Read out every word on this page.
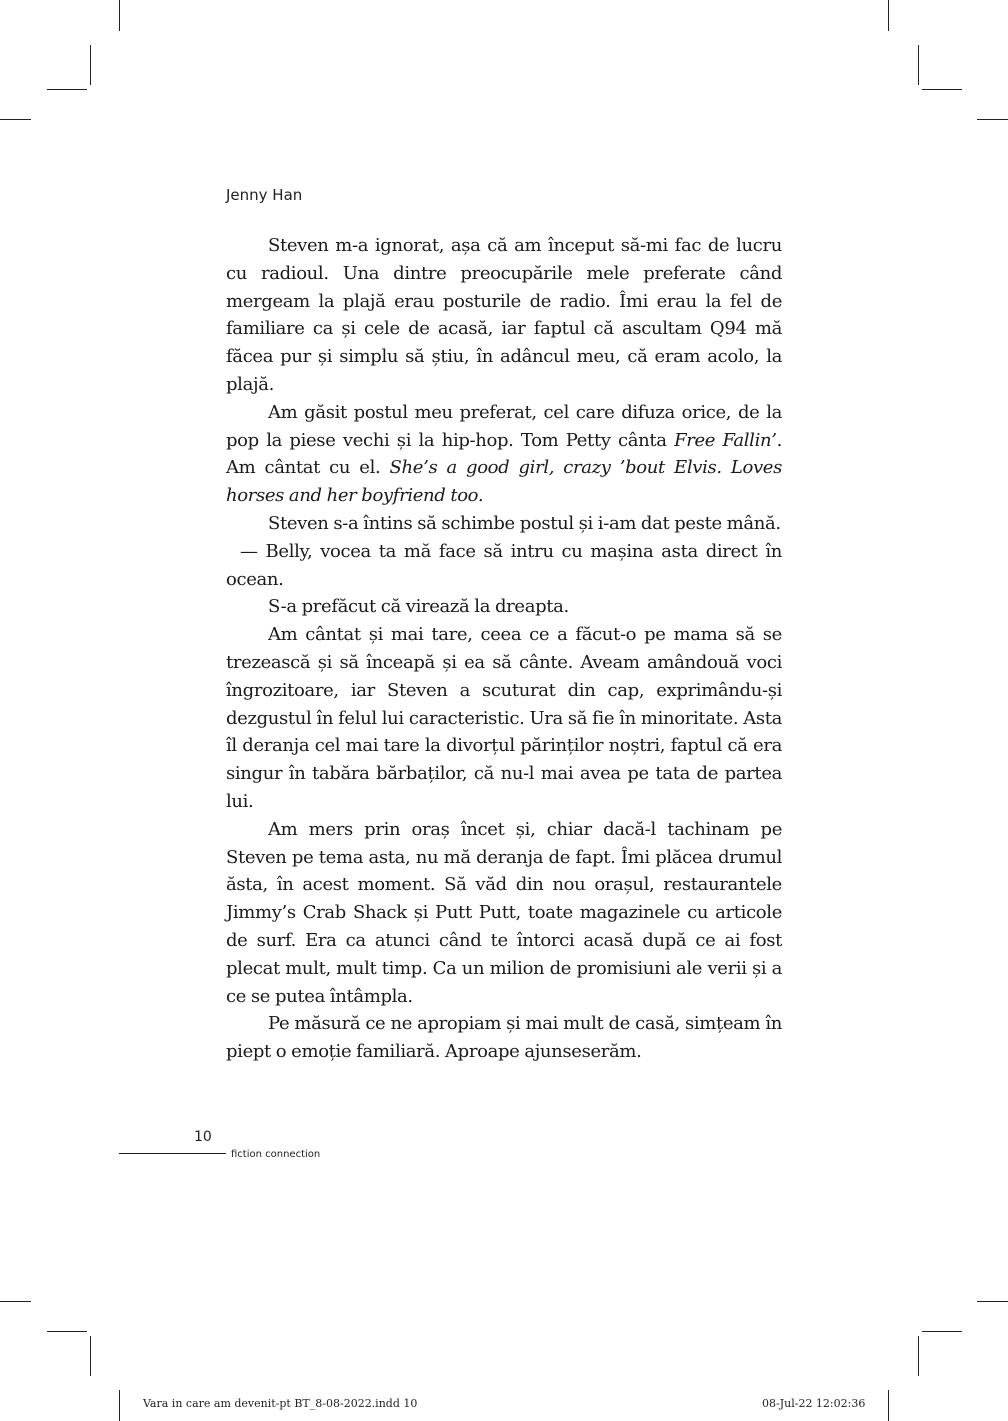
Jenny Han

Steven m-a ignorat, așa că am început să-mi fac de lucru cu radioul. Una dintre preocupările mele preferate când mergeam la plajă erau posturile de radio. Îmi erau la fel de familiare ca și cele de acasă, iar faptul că ascultam Q94 mă făcea pur și simplu să știu, în adâncul meu, că eram acolo, la plajă.

Am găsit postul meu preferat, cel care difuza orice, de la pop la piese vechi și la hip-hop. Tom Petty cânta Free Fallin’. Am cântat cu el. She’s a good girl, crazy ’bout Elvis. Loves horses and her boyfriend too.

Steven s-a întins să schimbe postul și i-am dat peste mână.

— Belly, vocea ta mă face să intru cu mașina asta direct în ocean.

S-a prefăcut că virează la dreapta.

Am cântat și mai tare, ceea ce a făcut-o pe mama să se trezească și să înceapă și ea să cânte. Aveam amândouă voci îngrozitoare, iar Steven a scuturat din cap, exprimându-și dezgustul în felul lui caracteristic. Ura să fie în minoritate. Asta îl deranja cel mai tare la divorțul părinților noștri, faptul că era singur în tabăra bărbaților, că nu-l mai avea pe tata de partea lui.

Am mers prin oraș încet și, chiar dacă-l tachinam pe Steven pe tema asta, nu mă deranja de fapt. Îmi plăcea drumul ăsta, în acest moment. Să văd din nou orașul, restaurantele Jimmy’s Crab Shack și Putt Putt, toate magazinele cu articole de surf. Era ca atunci când te întorci acasă după ce ai fost plecat mult, mult timp. Ca un milion de promisiuni ale verii și a ce se putea întâmpla.

Pe măsură ce ne apropiam și mai mult de casă, simțeam în piept o emoție familiară. Aproape ajunseserăm.

10
fiction connection
Vara in care am devenit-pt BT_8-08-2022.indd 10	08-Jul-22 12:02:36
